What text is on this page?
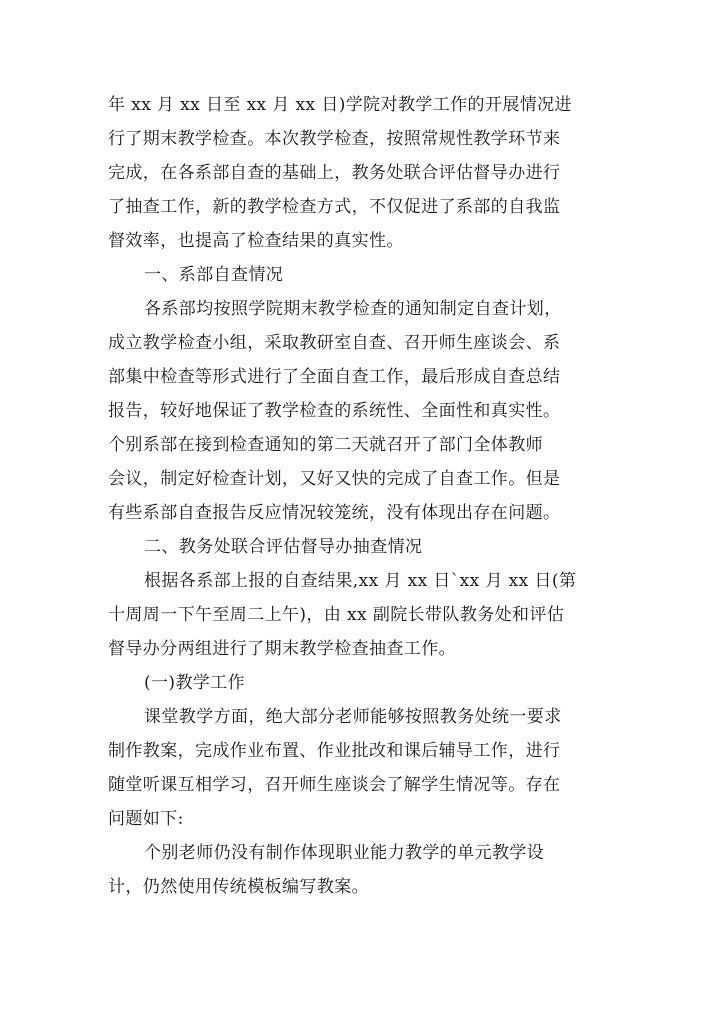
年 xx 月 xx 日至 xx 月 xx 日)学院对教学工作的开展情况进
行了期末教学检查。本次教学检查，按照常规性教学环节来
完成，在各系部自查的基础上，教务处联合评估督导办进行
了抽查工作，新的教学检查方式，不仅促进了系部的自我监
督效率，也提高了检查结果的真实性。
一、系部自查情况
各系部均按照学院期末教学检查的通知制定自查计划，
成立教学检查小组，采取教研室自查、召开师生座谈会、系
部集中检查等形式进行了全面自查工作，最后形成自查总结
报告，较好地保证了教学检查的系统性、全面性和真实性。
个别系部在接到检查通知的第二天就召开了部门全体教师
会议，制定好检查计划，又好又快的完成了自查工作。但是
有些系部自查报告反应情况较笼统，没有体现出存在问题。
二、教务处联合评估督导办抽查情况
根据各系部上报的自查结果,xx 月 xx 日`xx 月 xx 日(第
十周周一下午至周二上午)，由 xx 副院长带队教务处和评估
督导办分两组进行了期末教学检查抽查工作。
(一)教学工作
课堂教学方面，绝大部分老师能够按照教务处统一要求
制作教案，完成作业布置、作业批改和课后辅导工作，进行
随堂听课互相学习，召开师生座谈会了解学生情况等。存在
问题如下:
个别老师仍没有制作体现职业能力教学的单元教学设
计，仍然使用传统模板编写教案。
